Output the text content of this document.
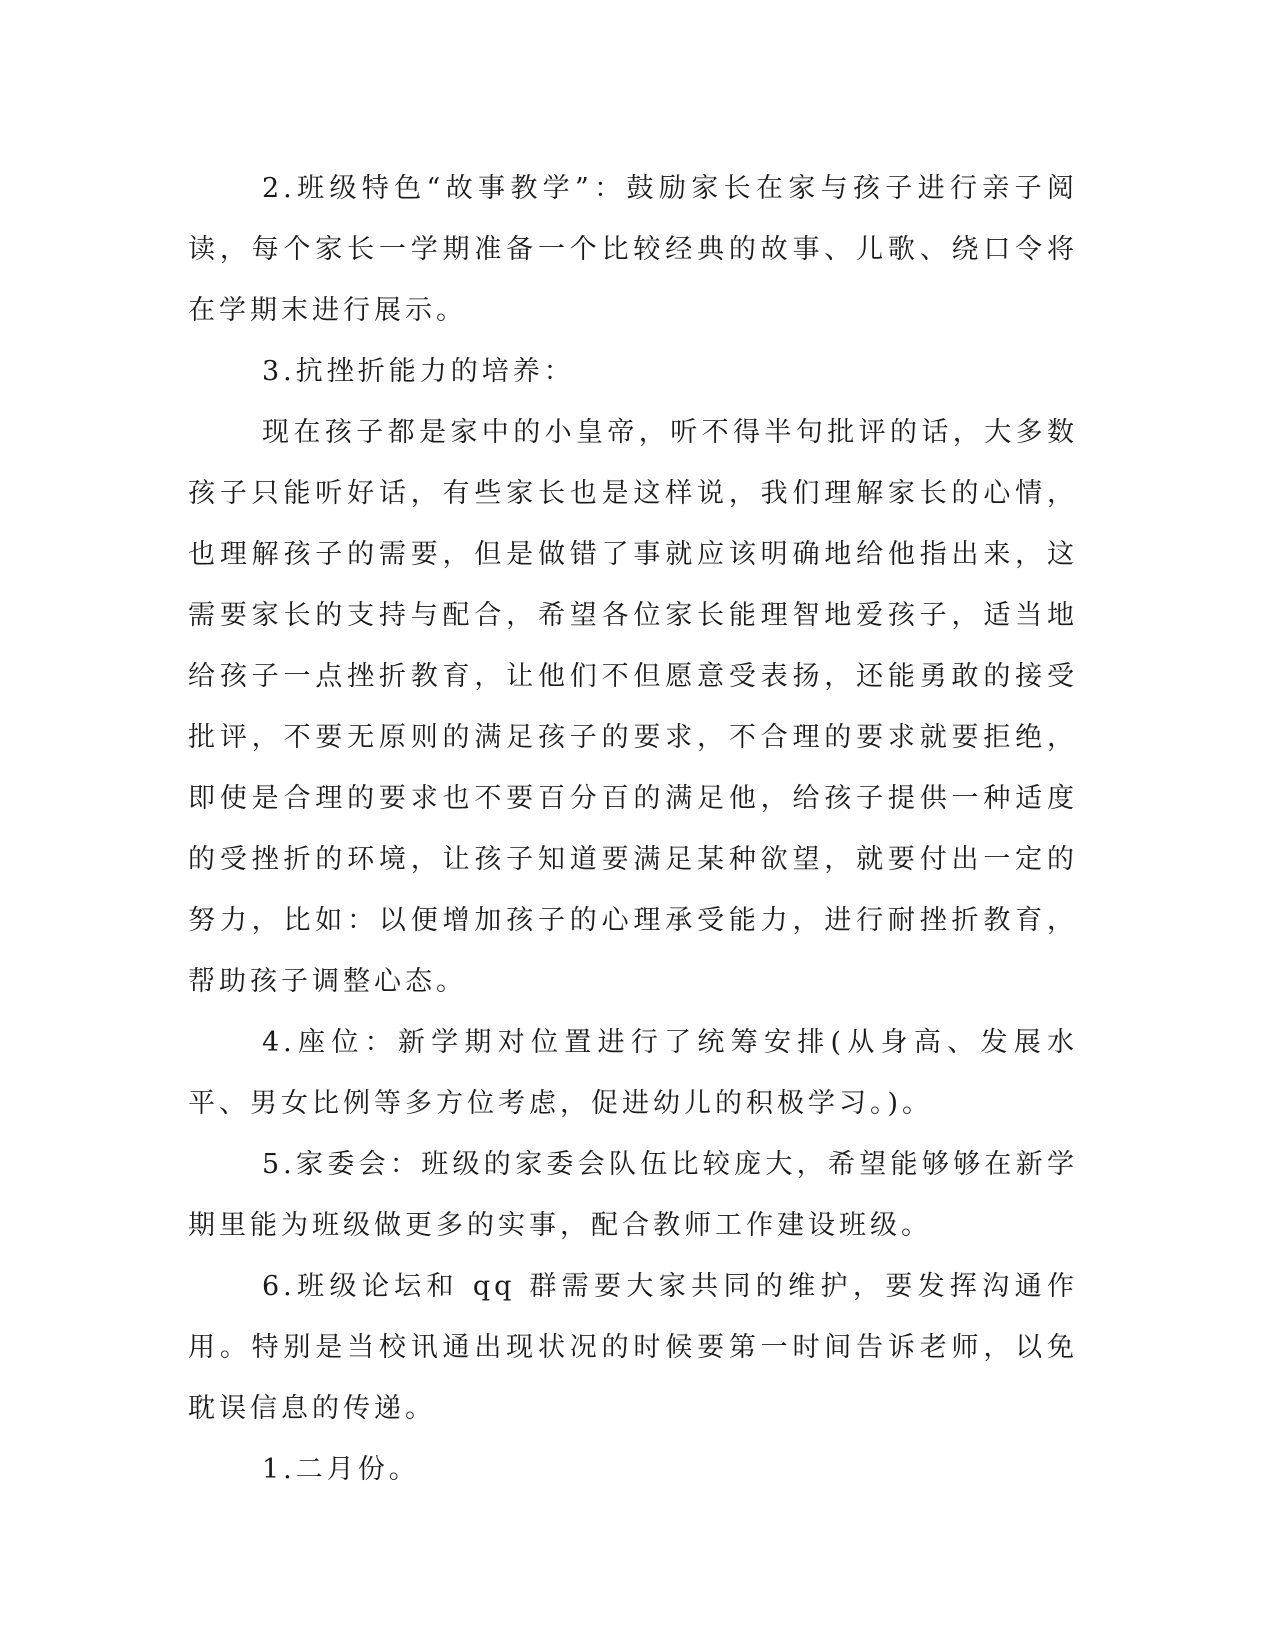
2.班级特色“故事教学”：鼓励家长在家与孩子进行亲子阅读，每个家长一学期准备一个比较经典的故事、儿歌、绕口令将在学期末进行展示。

3.抗挫折能力的培养：

现在孩子都是家中的小皇帝，听不得半句批评的话，大多数孩子只能听好话，有些家长也是这样说，我们理解家长的心情，也理解孩子的需要，但是做错了事就应该明确地给他指出来，这需要家长的支持与配合，希望各位家长能理智地爱孩子，适当地给孩子一点挫折教育，让他们不但愿意受表扬，还能勇敢的接受批评，不要无原则的满足孩子的要求，不合理的要求就要拒绝，即使是合理的要求也不要百分百的满足他，给孩子提供一种适度的受挫折的环境，让孩子知道要满足某种欲望，就要付出一定的努力，比如：以便增加孩子的心理承受能力，进行耐挫折教育，帮助孩子调整心态。

4.座位：新学期对位置进行了统筹安排(从身高、发展水平、男女比例等多方位考虑，促进幼儿的积极学习。)。

5.家委会：班级的家委会队伍比较庞大，希望能够够在新学期里能为班级做更多的实事，配合教师工作建设班级。

6.班级论坛和 qq 群需要大家共同的维护，要发挥沟通作用。特别是当校讯通出现状况的时候要第一时间告诉老师，以免耽误信息的传递。

1.二月份。
